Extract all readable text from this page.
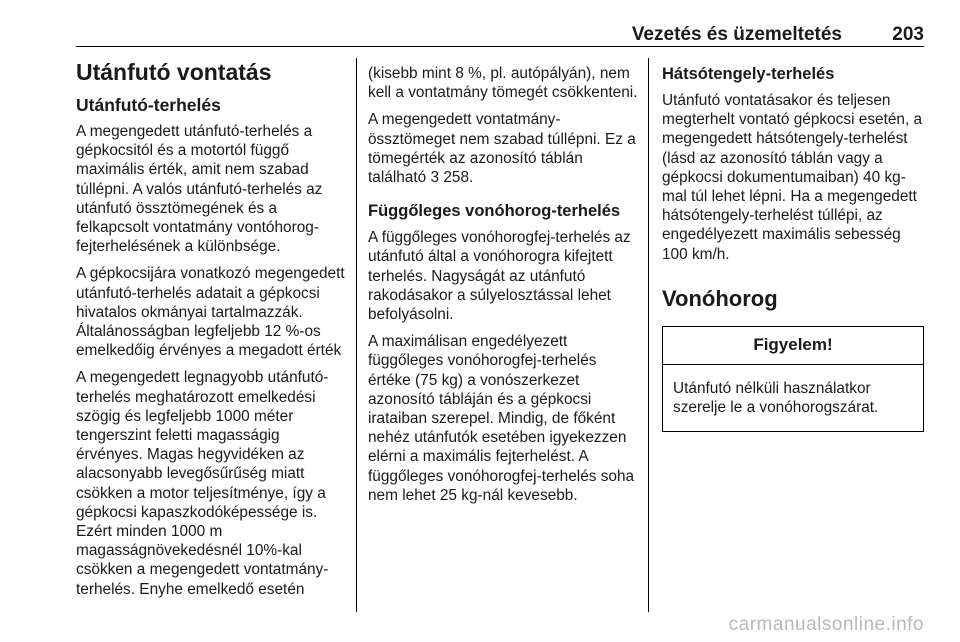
Vezetés és üzemeltetés	203
Utánfutó vontatás
Utánfutó-terhelés

A megengedett utánfutó-terhelés a gépkocsitól és a motortól függő maximális érték, amit nem szabad túllépni. A valós utánfutó-terhelés az utánfutó össztömegének és a felkapcsolt vontatmány vontóhorog-fejterhelésének a különbsége.

A gépkocsijára vonatkozó megengedett utánfutó-terhelés adatait a gépkocsi hivatalos okmányai tartalmazzák. Általánosságban legfeljebb 12 %-os emelkedőig érvényes a megadott érték

A megengedett legnagyobb utánfutó-terhelés meghatározott emelkedési szögig és legfeljebb 1000 méter tengerszint feletti magasságig érvényes. Magas hegyvidéken az alacsonyabb levegősűrűség miatt csökken a motor teljesítménye, így a gépkocsi kapaszkodóképessége is. Ezért minden 1000 m magasságnövekedésnél 10%-kal csökken a megengedett vontatmány-terhelés. Enyhe emelkedő esetén

(kisebb mint 8 %, pl. autópályán), nem kell a vontatmány tömegét csökkenteni.

A megengedett vontatmány-össztömeget nem szabad túllépni. Ez a tömegérték az azonosító táblán található 3 258.

Függőleges vonóhorog-terhelés

A függőleges vonóhorogfej-terhelés az utánfutó által a vonóhorogra kifejtett terhelés. Nagyságát az utánfutó rakodásakor a súlyelosztással lehet befolyásolni.

A maximálisan engedélyezett függőleges vonóhorogfej-terhelés értéke (75 kg) a vonószerkezet azonosító tábláján és a gépkocsi irataiban szerepel. Mindig, de főként nehéz utánfutók esetében igyekezzen elérni a maximális fejterhelést. A függőleges vonóhorogfej-terhelés soha nem lehet 25 kg-nál kevesebb.

Hátsótengely-terhelés

Utánfutó vontatásakor és teljesen megterhelt vontató gépkocsi esetén, a megengedett hátsótengely-terhelést (lásd az azonosító táblán vagy a gépkocsi dokumentumaiban) 40 kg-mal túl lehet lépni. Ha a megengedett hátsótengely-terhelést túllépi, az engedélyezett maximális sebesség 100 km/h.

Vonóhorog
Figyelem!
Utánfutó nélküli használatkor szerelje le a vonóhorogszárat.
carmanualsonline.info
